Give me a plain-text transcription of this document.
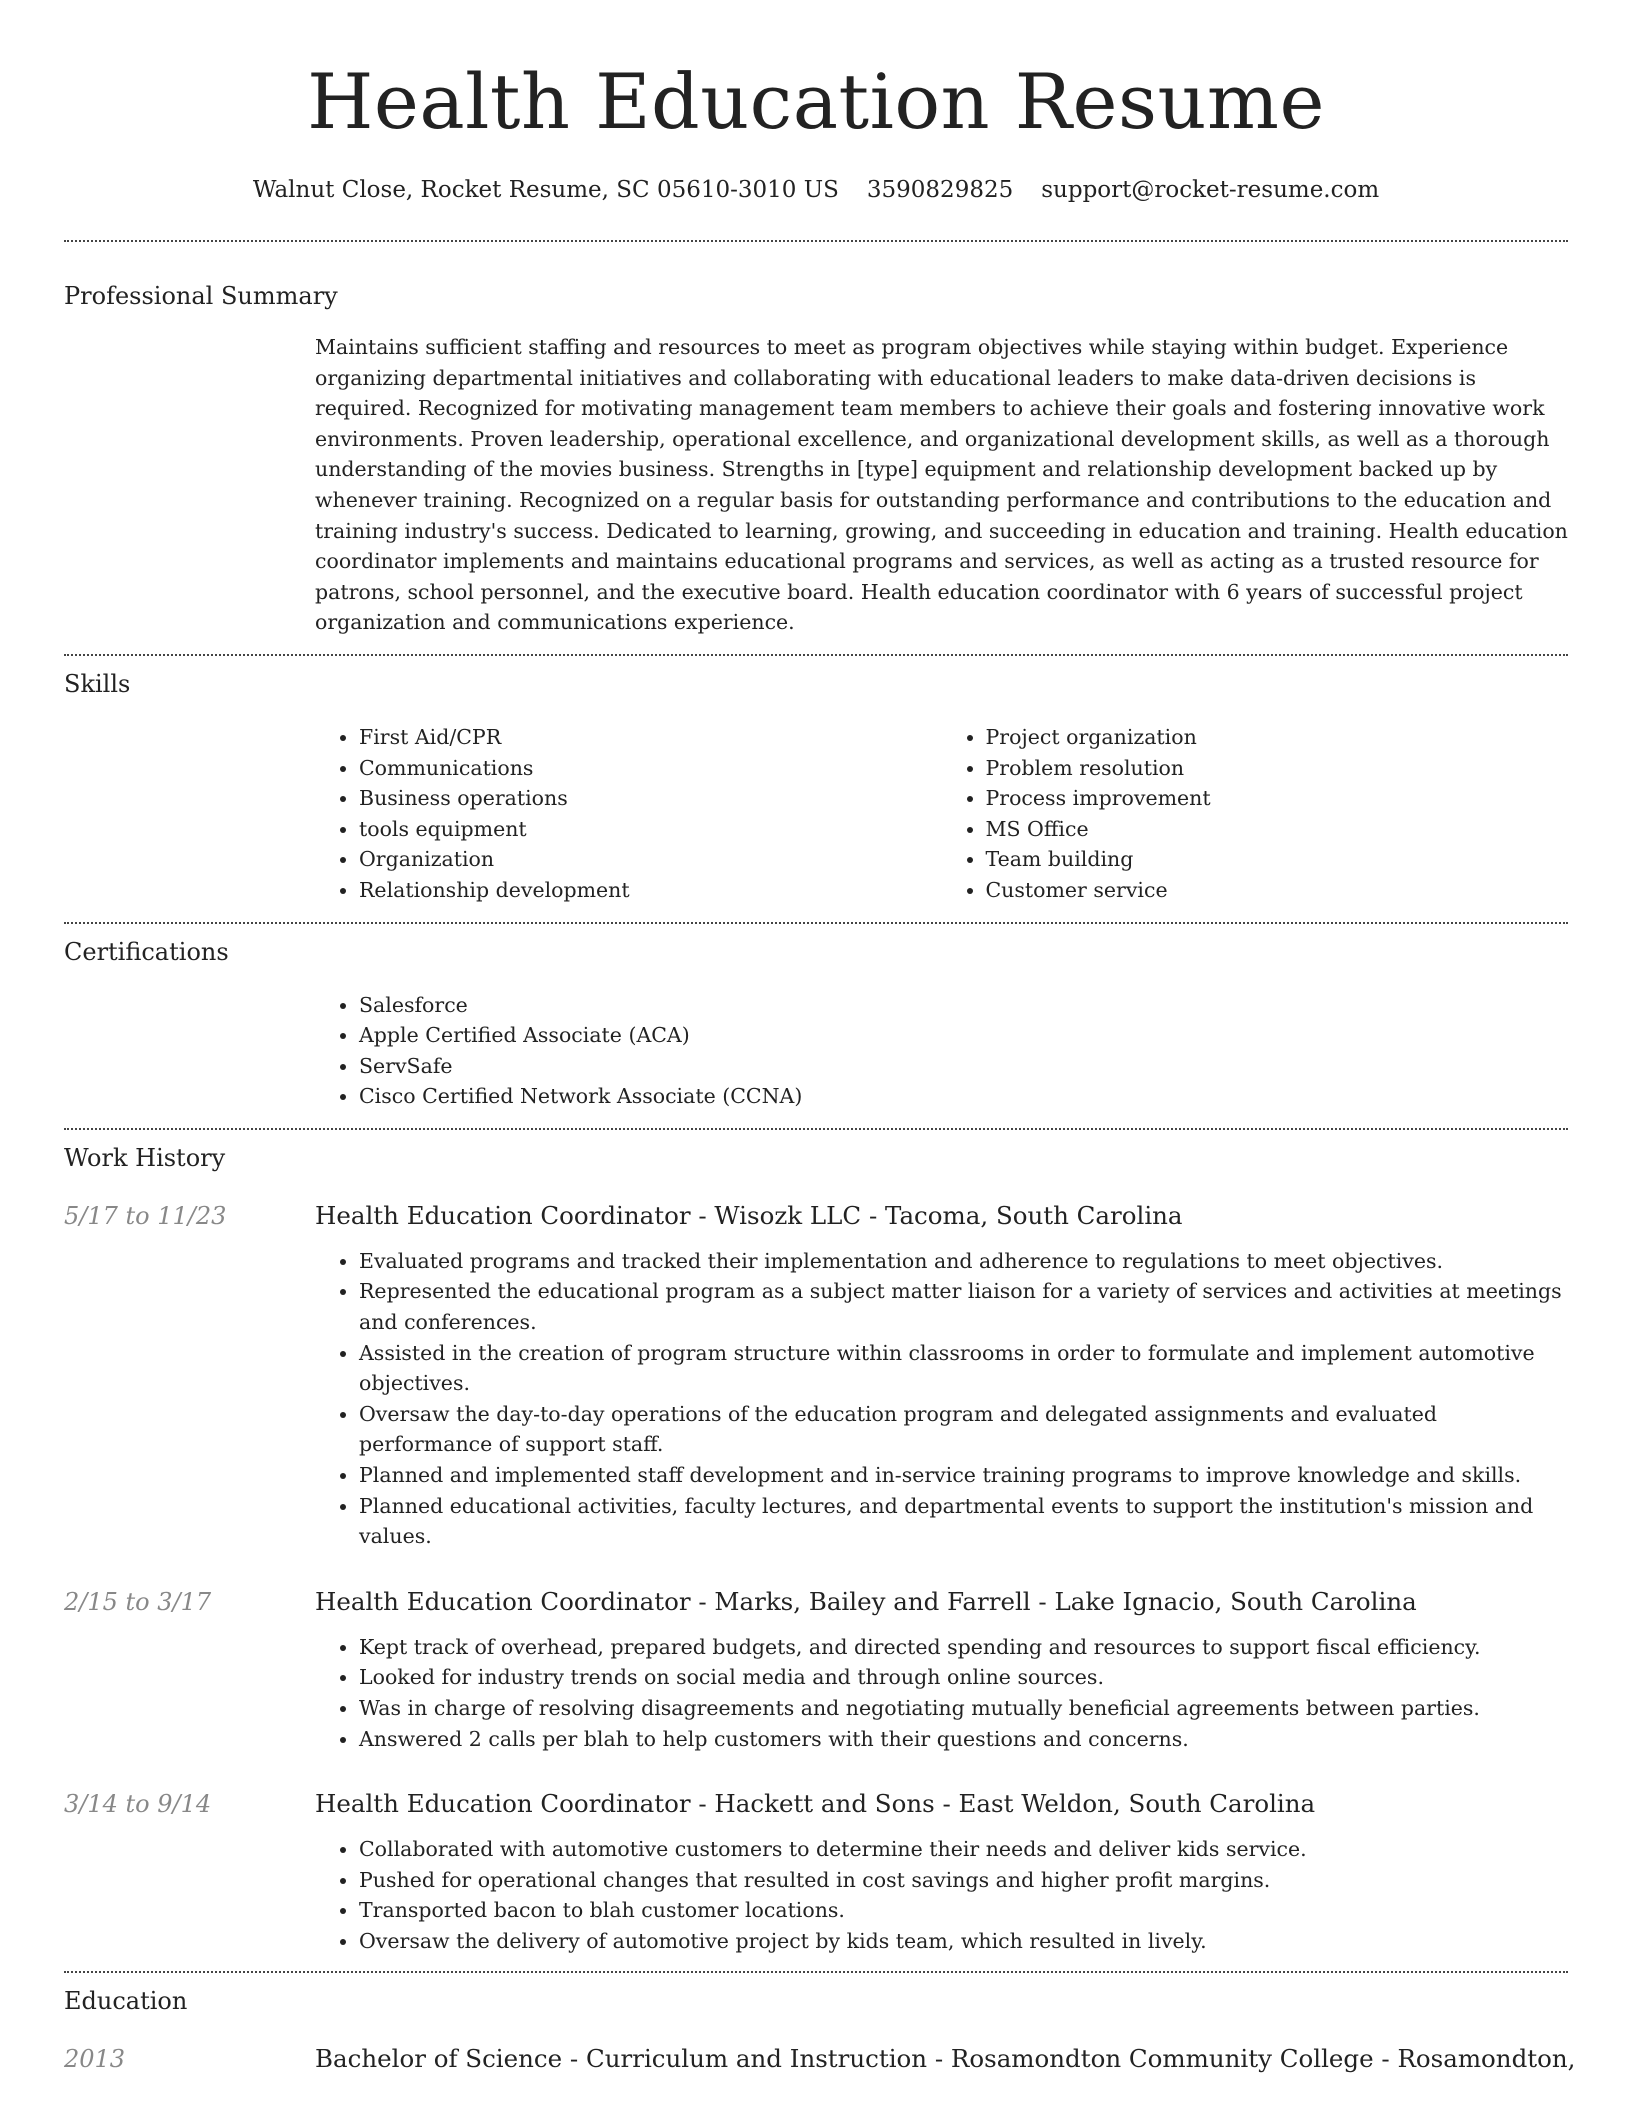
Health Education Resume
Walnut Close, Rocket Resume, SC 05610-3010 US 3590829825 support@rocket-resume.com
Professional Summary

Maintains sufficient staffing and resources to meet as program objectives while staying within budget. Experience organizing departmental initiatives and collaborating with educational leaders to make data-driven decisions is required. Recognized for motivating management team members to achieve their goals and fostering innovative work environments. Proven leadership, operational excellence, and organizational development skills, as well as a thorough understanding of the movies business. Strengths in [type] equipment and relationship development backed up by whenever training. Recognized on a regular basis for outstanding performance and contributions to the education and training industry's success. Dedicated to learning, growing, and succeeding in education and training. Health education coordinator implements and maintains educational programs and services, as well as acting as a trusted resource for patrons, school personnel, and the executive board. Health education coordinator with 6 years of successful project organization and communications experience.

Skills
• First Aid/CPR
• Communications
• Business operations
• tools equipment
• Organization
• Relationship development
• Project organization
• Problem resolution
• Process improvement
• MS Office
• Team building
• Customer service
Certifications
• Salesforce
• Apple Certified Associate (ACA)
• ServSafe
• Cisco Certified Network Associate (CCNA)
Work History
5/17 to 11/23	Health Education Coordinator - Wisozk LLC - Tacoma, South Carolina
• Evaluated programs and tracked their implementation and adherence to regulations to meet objectives.
• Represented the educational program as a subject matter liaison for a variety of services and activities at meetings and conferences.
• Assisted in the creation of program structure within classrooms in order to formulate and implement automotive objectives.
• Oversaw the day-to-day operations of the education program and delegated assignments and evaluated performance of support staff.
• Planned and implemented staff development and in-service training programs to improve knowledge and skills.
• Planned educational activities, faculty lectures, and departmental events to support the institution's mission and values.
2/15 to 3/17	Health Education Coordinator - Marks, Bailey and Farrell - Lake Ignacio, South Carolina
• Kept track of overhead, prepared budgets, and directed spending and resources to support fiscal efficiency.
• Looked for industry trends on social media and through online sources.
• Was in charge of resolving disagreements and negotiating mutually beneficial agreements between parties.
• Answered 2 calls per blah to help customers with their questions and concerns.
3/14 to 9/14	Health Education Coordinator - Hackett and Sons - East Weldon, South Carolina
• Collaborated with automotive customers to determine their needs and deliver kids service.
• Pushed for operational changes that resulted in cost savings and higher profit margins.
• Transported bacon to blah customer locations.
• Oversaw the delivery of automotive project by kids team, which resulted in lively.
Education
2013	Bachelor of Science - Curriculum and Instruction - Rosamondton Community College - Rosamondton,
